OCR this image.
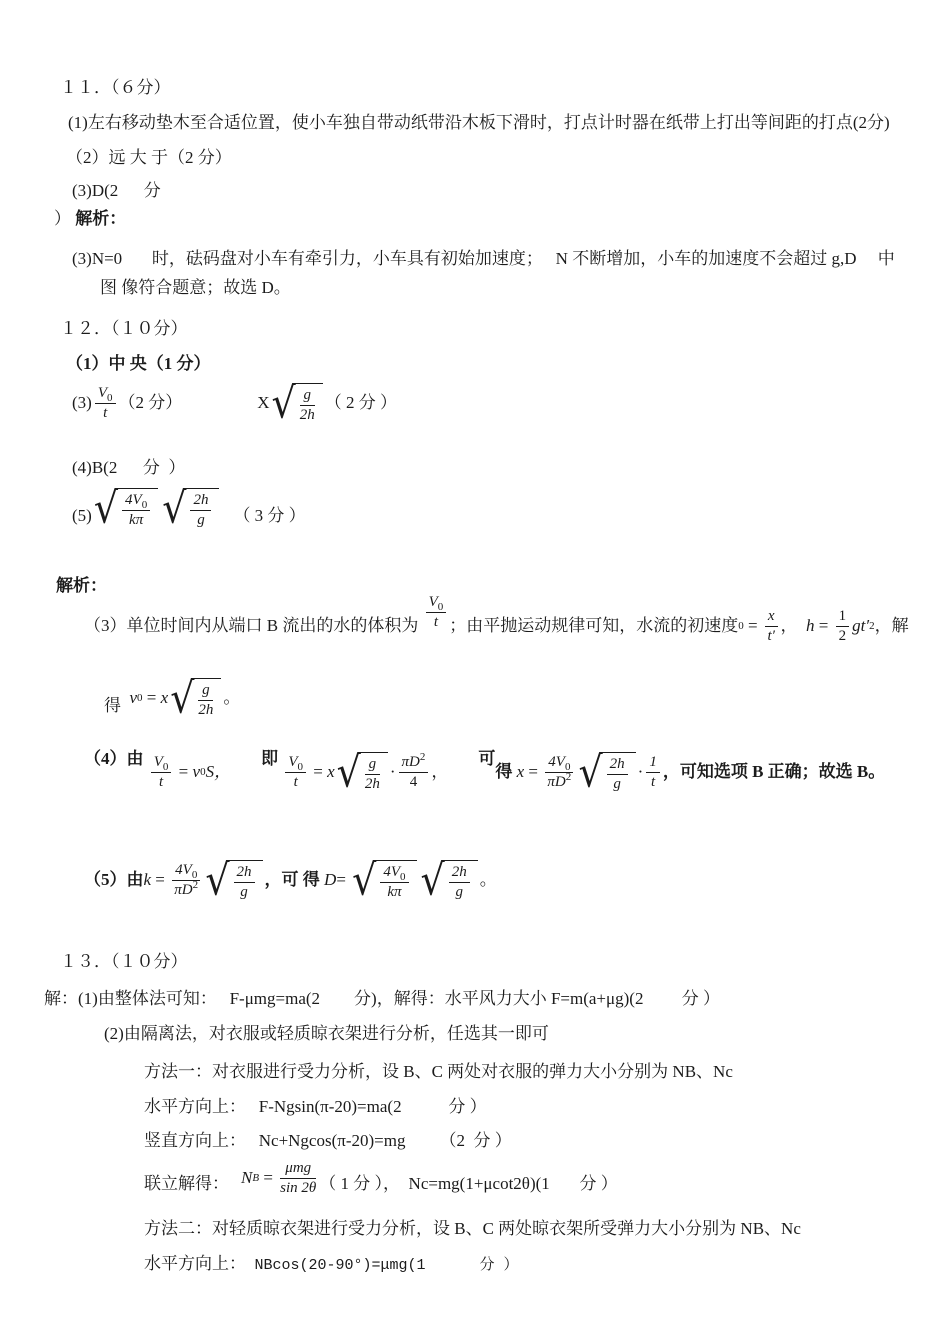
１１．（６分）
(1)左右移动垫木至合适位置，使小车独自带动纸带沿木板下滑时，打点计时器在纸带上打出等间距的打点(2分)
（2）远 大 于（2 分）
(3)D(2      分
） 解析：
(3)N=0       时，砝码盘对小车有牵引力，小车具有初始加速度；   N 不断增加，小车的加速度不会超过 g,D     中
图 像符合题意；故选 D。
１２．（１０分）
（1）中 央（1 分）
$(3) \frac{V_0}{t} (2$ 分）	X √ $\frac{g}{2h}$ （ 2 分 ）
(4)B(2      分  ）
(5) √ $\frac{4V_0}{k\pi}$ √ $\frac{2h}{g}$ （ 3 分 ）
解析：
（3）单位时间内从端口 B 流出的水的体积为 $\frac{V_0}{t}$ ；由平抛运动规律可知，水流的初速度 $0 = \frac{x}{t'}$ ， $h = \frac{1}{2} gt'$ 2 ，解
得 v 0 = x √ $\frac{g}{2h}$ 。
（4）由 $\frac{V_0}{t} = v$ 0 S，
即 $\frac{V_0}{t} = x$ √ $\frac{g}{2h} \cdot \frac{\pi D^2}{4}$ ，
可
得 $x = \frac{4V_0}{\pi D^2}$ √ $\frac{2h}{g} \cdot \frac{1}{t}$ ，可知选项 B 正确；故选 B。
（5）由 $k = \frac{4V_0}{\pi D^2}$ √ $\frac{2h}{g}$ ，可 得 D = √ $\frac{4V_0}{k\pi}$ √ $\frac{2h}{g}$ 。
１３．（１０分）
解：(1)由整体法可知：   F-μmg=ma(2        分)，解得：水平风力大小 F=m(a+μg)(2         分 ）
(2)由隔离法，对衣服或轻质晾衣架进行分析，任选其一即可
方法一：对衣服进行受力分析，设 B、C 两处对衣服的弹力大小分别为 NB、Nc
水平方向上：   F-Ngsin(π-20)=ma(2           分 ）
竖直方向上：   Nc+Ngcos(π-20)=mg        （2  分 ）
联立解得： N B = μmg
sin 2θ （ 1 分 ），  Nc=mg(1+μcot2θ)(1       分 ）
方法二：对轻质晾衣架进行受力分析，设 B、C 两处晾衣架所受弹力大小分别为 NB、Nc
水平方向上：  NBcos(20-90°)=μmg(1      分 ）
